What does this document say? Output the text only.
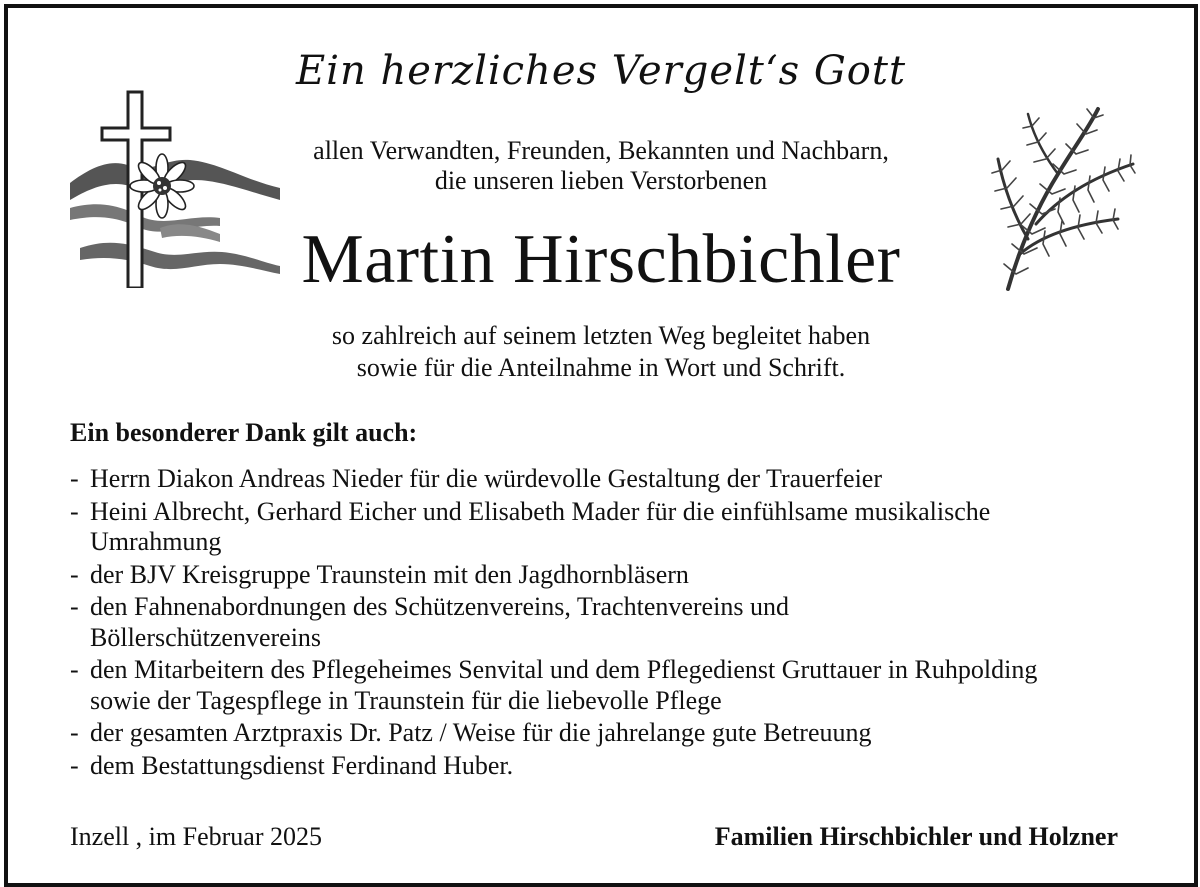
Ein herzliches Vergelt‘s Gott
allen Verwandten, Freunden, Bekannten und Nachbarn,
die unseren lieben Verstorbenen
Martin Hirschbichler
so zahlreich auf seinem letzten Weg begleitet haben
sowie für die Anteilnahme in Wort und Schrift.
Ein besonderer Dank gilt auch:
- Herrn Diakon Andreas Nieder für die würdevolle Gestaltung der Trauerfeier
- Heini Albrecht, Gerhard Eicher und Elisabeth Mader für die einfühlsame musikalische Umrahmung
- der BJV Kreisgruppe Traunstein mit den Jagdhornbläsern
- den Fahnenabordnungen des Schützenvereins, Trachtenvereins und Böllerschützenvereins
- den Mitarbeitern des Pflegeheimes Senvital und dem Pflegedienst Gruttauer in Ruhpolding sowie der Tagespflege in Traunstein für die liebevolle Pflege
- der gesamten Arztpraxis Dr. Patz / Weise für die jahrelange gute Betreuung
- dem Bestattungsdienst Ferdinand Huber.
Inzell , im Februar 2025	Familien Hirschbichler und Holzner
